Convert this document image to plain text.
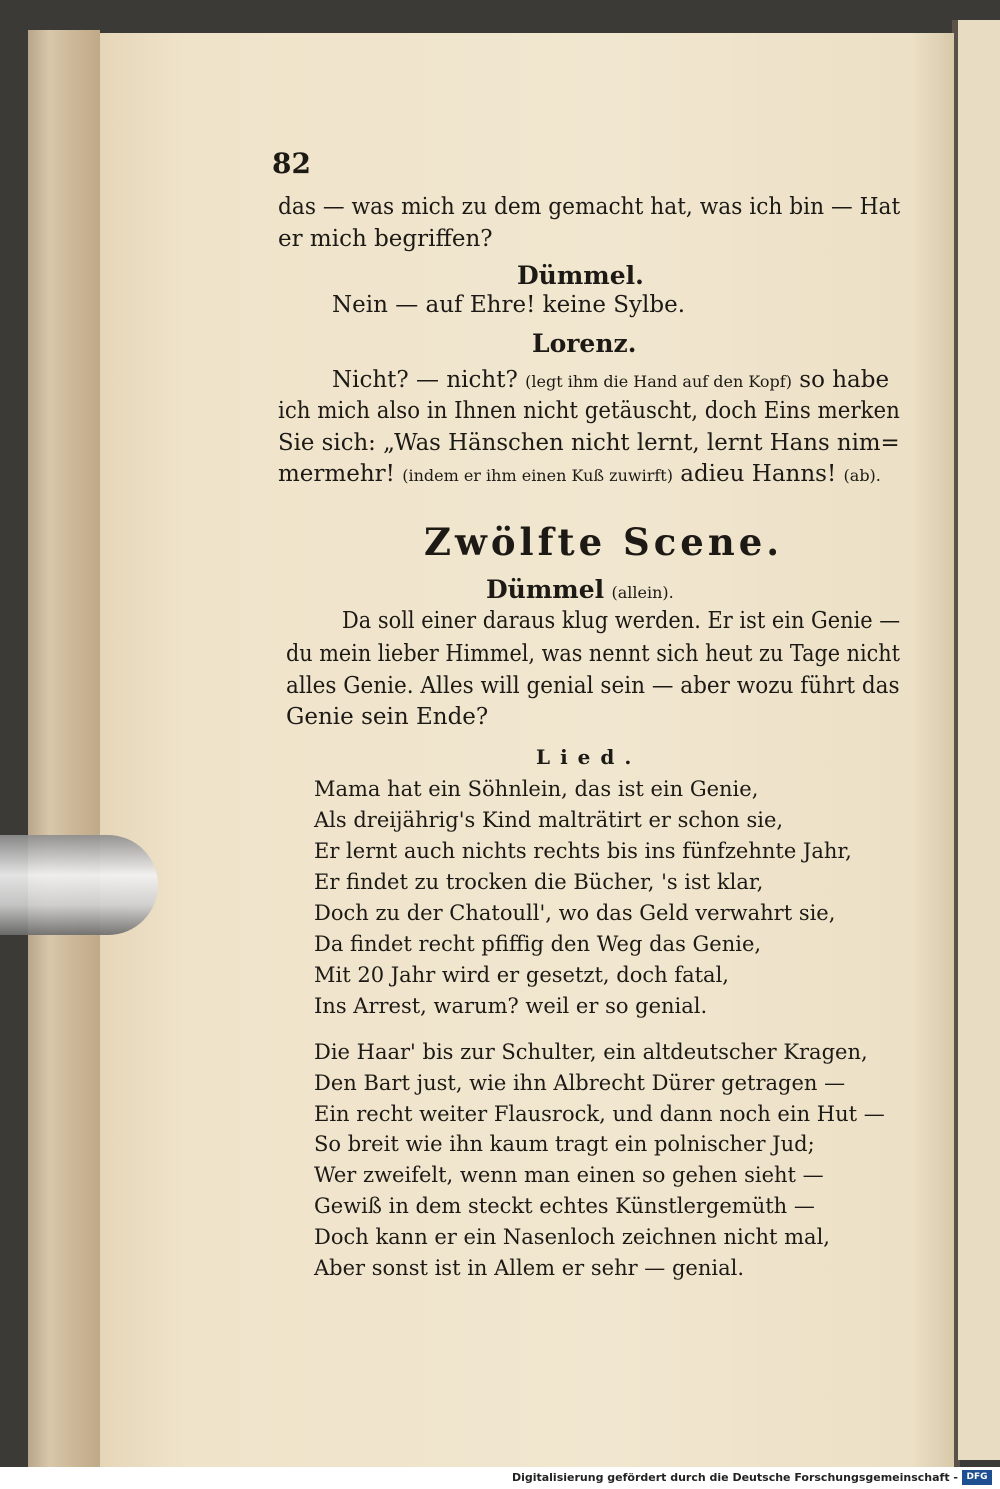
82

das — was mich zu dem gemacht hat, was ich bin — Hat

er mich begriffen?

Dümmel.

Nein — auf Ehre! keine Sylbe.

Lorenz.

Nicht? — nicht? (legt ihm die Hand auf den Kopf) so habe

ich mich also in Ihnen nicht getäuscht, doch Eins merken

Sie sich: „Was Hänschen nicht lernt, lernt Hans nim=

mermehr! (indem er ihm einen Kuß zuwirft) adieu Hanns! (ab).

Zwölfte Scene.

Dümmel (allein).

Da soll einer daraus klug werden. Er ist ein Genie —

du mein lieber Himmel, was nennt sich heut zu Tage nicht

alles Genie. Alles will genial sein — aber wozu führt das

Genie sein Ende?

Lied.

Mama hat ein Söhnlein, das ist ein Genie,

Als dreijährig's Kind malträtirt er schon sie,

Er lernt auch nichts rechts bis ins fünfzehnte Jahr,

Er findet zu trocken die Bücher, 's ist klar,

Doch zu der Chatoull', wo das Geld verwahrt sie,

Da findet recht pfiffig den Weg das Genie,

Mit 20 Jahr wird er gesetzt, doch fatal,

Ins Arrest, warum? weil er so genial.

Die Haar' bis zur Schulter, ein altdeutscher Kragen,

Den Bart just, wie ihn Albrecht Dürer getragen —

Ein recht weiter Flausrock, und dann noch ein Hut —

So breit wie ihn kaum tragt ein polnischer Jud;

Wer zweifelt, wenn man einen so gehen sieht —

Gewiß in dem steckt echtes Künstlergemüth —

Doch kann er ein Nasenloch zeichnen nicht mal,

Aber sonst ist in Allem er sehr — genial.

Digitalisierung gefördert durch die Deutsche Forschungsgemeinschaft - DFG
